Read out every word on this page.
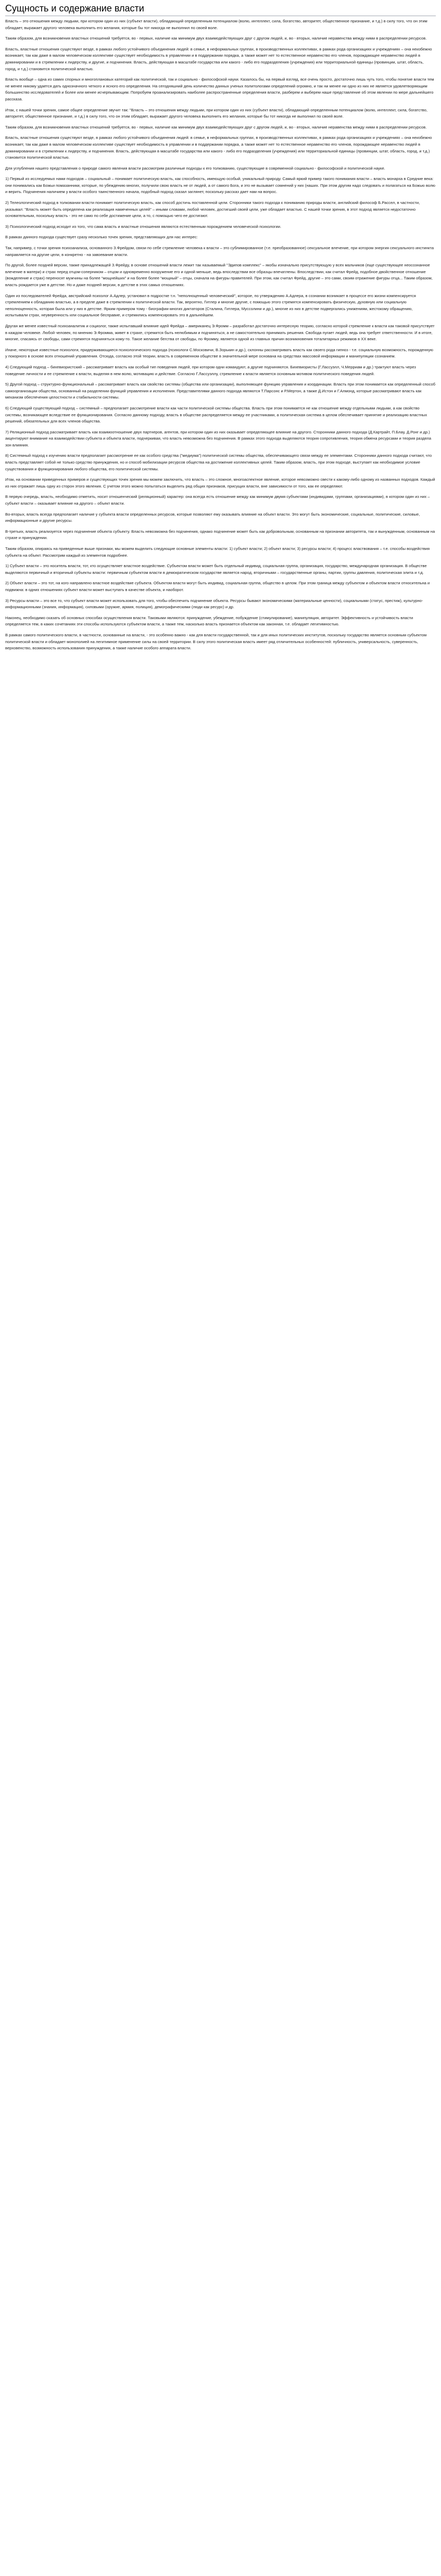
Сущность и содержание власти

Власть – это отношения между людьми, при котором один из них (субъект власти), обладающий определенным потенциалом (волю, интеллект, сила, богатство, авторитет, общественное признание, и т.д.) в силу того, что он этим обладает, выражает другого человека выполнить его желания, которые бы тот никогда не выполнил по своей воле.

Таким образом, для возникновения властных отношений требуется, во - первых, наличие как минимум двух взаимодействующих друг с другом людей, и, во - вторых, наличие неравенства между ними в распределении ресурсов.

Власть, властные отношения существуют везде, в рамках любого устойчивого объединения людей: в семье, в неформальных группах, в производственных коллективах, в рамках рода организациях и учреждениях – она неизбежно возникает, так как даже в малом человеческом коллективе существует необходимость в управлении и в поддержании порядка, а также может нет то естественное неравенство его членов, порождающее неравенство людей в доминировании и в стремлении к лидерству, и другие, и подчинения. Власть, действующая в масштабе государства или какого - либо его подразделения (учреждения) или территориальной единицы (провинции, штат, область, город, и т.д.) становится политической властью.

Власть вообще – одна из самих спорных и многоплановых категорий как политической, так и социально - философской науки. Казалось бы, на первый взгляд, все очень просто, достаточно лишь чуть того, чтобы понятие власти тем не менее никому удается дать однозначного четкого и ясного его определения. На сегодняшний день количество данных ученых политологами определений огромно, и так ни менее ни одно из них не является удовлетворяющим большинство исследователей и более или менее исчерпывающим. Попробуем проанализировать наиболее распространенные определения власти, разберем и выберем наше представление об этом явлении по мере дальнейшего рассказа.

Итак, с нашей точки зрения, самое общее определение звучит так: "Власть – это отношения между людьми, при котором один из них (субъект власти), обладающий определенным потенциалом (волю, интеллект, сила, богатство, авторитет, общественное признание, и т.д.) в силу того, что он этим обладает, выражает другого человека выполнить его желания, которые бы тот никогда не выполнил по своей воле.

Таким образом, для возникновения властных отношений требуется, во - первых, наличие как минимум двух взаимодействующих друг с другом людей, и, во - вторых, наличие неравенства между ними в распределении ресурсов.

Власть, властные отношения существуют везде, в рамках любого устойчивого объединения людей: в семье, в неформальных группах, в производственных коллективах, в рамках рода организациях и учреждениях – она неизбежно возникает, так как даже в малом человеческом коллективе существует необходимость в управлении и в поддержании порядка, а также может нет то естественное неравенство его членов, порождающее неравенство людей в доминировании и в стремлении к лидерству, и подчинения. Власть, действующая в масштабе государства или какого - либо его подразделения (учреждения) или территориальной единицы (провинции, штат, область, город, и т.д.) становится политической властью.

Для углубления нашего представления о природе самого явления власти рассмотрим различные подходы к его толкованию, существующие в современной социально - философской и политической науке.

1) Первый из исследуемых нами подходов – социальный – понимает политическую власть, как способность, имеющую особый, уникальный природу. Самый яркий пример такого понимания власти – власть монарха в Средние века: они понимались как Божьи помазанники, которые, по убеждению многих, получили свою власть не от людей, а от самого Бога, и это не вызывает сомнений у них (наших. При этом другим надо следовать и полагаться на Божью волю и верить. Подчинения наличием у власти особого таинственного начала, подобный подход сказал заглянет, поскольку рассказ дает нам на вопрос.

2) Телеологический подход в толковании власти понимает политическую власть, как способ достичь поставленной цели. Сторонники такого подхода к пониманию природы власти, английский философ Б.Рассел, в частности, указывал: "Власть может быть определена как реализация намеченных целей" – иными словами, любой человек, достигший своей цели, уже обладает властью. С нашей точки зрения, в этот подход является недостаточно основательным, поскольку власть - это не само по себе достижение цели, а то, с помощью чего ее достигают.

3) Психологический подход исходит из того, что сама власть и властные отношения являются естественным порождением человеческой психологии.

В рамках данного подхода существует сразу несколько точек зрения, представляющих для нас интерес:

Так, например, с точки зрения психоанализа, основанного З.Фрейдом, связи по себе стремление человека к власти – это сублимированное (т.е. преобразованное) сексуальное влечение, при котором энергия сексуального инстинкта направляется на другие цели, в конкретно - на завоевание власти.

По другой, более поздней версии, также принадлежащей З.Фрейду, в основе отношений власти лежит так называемый "Эдипов комплекс" – якобы изначально присутствующую у всех мальчиков (еще существующее неосознанное влечение в матери) и страх перед отцом-соперником – отцом и одновременно вооружение его и одной меньше, ведь впоследствии все образцы впечатлены. Впоследствии, как считал Фрейд, подобное двойственное отношение (вожделение и страх) переносят мужчины на более “мощнейших” и на более более “мощный” – отцы, сначала на фигуры правителей. При этом, как считал Фрейд, другие – это сами, своим отражение фигуры отца... Таким образом, власть рождается уже в детстве. Но и даже поздней версии, в детстве в этих самых отношениях.

Один из последователей Фрейда, австрийский психолог А.Адлер, установил в подростке т.н. "неполноценный человеческий", которое, по утверждению А.Адлера, в сознании возникает в процессе его жизни компенсируется стремлением к обладанию властью, а в пределе даже в стремлении к политической власти. Так, вероятно, Гитлер и многие другие, с помощью этого стремятся компенсировать физическую, духовную или социальную неполноценность, которая была или у них в детстве. Ярким примером тому - биографии многих диктаторов (Сталина, Гитлера, Муссолини и др.), многие из них в детстве подвергались унижениям, жестокому обращению, испытывали страх, неуверенность или социальное бесправие, и стремились компенсировать это в дальнейшем.

Другая же менее известный психоаналитик и социолог, также испытавший влияние идей Фрейда – американец Э.Фромм – разработал достаточно интересную теорию, согласно которой стремление к власти как таковой присутствует в каждом человеке. Любой человек, по мнению Э.Фромма, живет в страхе, стремится быть нелюбимым и подчиняться, а не самостоятельно принимать решения. Свобода пугает людей, ведь она требует ответственности. И в итоге, многие, спасаясь от свободы, сами стремятся подчиняться кому-то. Такое желание бегства от свободы, по Фромму, является одной из главных причин возникновения тоталитарных режимов в XX веке.

Иначе, некоторые известные психологи, придерживающиеся психологического подхода (психологи С.Московичи, В.Зорькин и др.), склонны рассматривать власть как своего рода гипноз - т.е. социальную возможность, порожденную у покорного в основе всех отношений управления. Отсюда, согласно этой теории, власть в современном обществе в значительной мере основана на средствах массовой информации и манипуляции сознанием.

4) Следующий подход – бихевиористский – рассматривает власть как особый тип поведения людей, при котором одни командуют, а другие подчиняются. Бихевиористы (Г.Лассуэлл, Ч.Мерриам и др.) трактуют власть через поведение личности и ее стремление к власти, выделяя в нем волю, мотивацию и действие. Согласно Г.Лассуэллу, стремление к власти является основным мотивом политического поведения людей.

5) Другой подход – структурно-функциональный – рассматривает власть как свойство системы (общества или организации), выполняющее функцию управления и координации. Власть при этом понимается как определенный способ самоорганизации общества, основанный на разделении функций управления и исполнения. Представителями данного подхода являются Т.Парсонс и Р.Мертон, а также Д.Истон и Г.Алмонд, которые рассматривают власть как механизм обеспечения целостности и стабильности системы.

6) Следующий существующий подход – системный – предполагает рассмотрение власти как части политической системы общества. Власть при этом понимается не как отношение между отдельными людьми, а как свойство системы, возникающее вследствие ее функционирования. Согласно данному подходу, власть в обществе распределяется между ее участниками, а политическая система в целом обеспечивает принятие и реализацию властных решений, обязательных для всех членов общества.

7) Реляционный подход рассматривает власть как взаимоотношение двух партнеров, агентов, при котором один из них оказывает определяющее влияние на другого. Сторонники данного подхода (Д.Картрайт, П.Блау, Д.Ронг и др.) акцентируют внимание на взаимодействии субъекта и объекта власти, подчеркивая, что власть невозможна без подчинения. В рамках этого подхода выделяются теория сопротивления, теория обмена ресурсами и теория раздела зон влияния.

8) Системный подход к изучению власти предполагает рассмотрение ее как особого средства ("медиума") политической системы общества, обеспечивающего связи между ее элементами. Сторонники данного подхода считают, что власть представляет собой не только средство принуждения, но и способ мобилизации ресурсов общества на достижение коллективных целей. Таким образом, власть, при этом подходе, выступает как необходимое условие существования и функционирования любого общества, его политической системы.

Итак, на основании приведенных примеров и существующих точек зрения мы можем заключить, что власть – это сложное, многоаспектное явление, которое невозможно свести к какому-либо одному из названных подходов. Каждый из них отражает лишь одну из сторон этого явления. С учетом этого можно попытаться выделить ряд общих признаков, присущих власти, вне зависимости от того, как ее определяют.

В первую очередь, власть, необходимо отметить, носит отношенческий (реляционный) характер: она всегда есть отношение между как минимум двумя субъектами (индивидами, группами, организациями), в котором один из них – субъект власти – оказывает влияние на другого – объект власти.

Во-вторых, власть всегда предполагает наличие у субъекта власти определенных ресурсов, которые позволяют ему оказывать влияние на объект власти. Это могут быть экономические, социальные, политические, силовые, информационные и другие ресурсы.

В-третьих, власть реализуется через подчинение объекта субъекту. Власть невозможна без подчинения, однако подчинение может быть как добровольным, основанным на признании авторитета, так и вынужденным, основанным на страхе и принуждении.

Таким образом, опираясь на приведенные выше признаки, мы можем выделить следующие основные элементы власти: 1) субъект власти; 2) объект власти; 3) ресурсы власти; 4) процесс властвования – т.е. способы воздействия субъекта на объект. Рассмотрим каждый из элементов подробнее.

1) Субъект власти – это носитель власти, тот, кто осуществляет властное воздействие. Субъектом власти может быть отдельный индивид, социальная группа, организация, государство, международная организация. В обществе выделяются первичный и вторичный субъекты власти: первичным субъектом власти в демократическом государстве является народ, вторичными – государственные органы, партии, группы давления, политическая элита и т.д.

2) Объект власти – это тот, на кого направлено властное воздействие субъекта. Объектом власти могут быть индивид, социальная группа, общество в целом. При этом граница между субъектом и объектом власти относительна и подвижна: в одних отношениях субъект власти может выступать в качестве объекта, и наоборот.

3) Ресурсы власти – это все то, что субъект власти может использовать для того, чтобы обеспечить подчинение объекта. Ресурсы бывают экономическими (материальные ценности), социальными (статус, престиж), культурно-информационными (знания, информация), силовыми (оружие, армия, полиция), демографическими (люди как ресурс) и др.

Наконец, необходимо сказать об основных способах осуществления власти. Таковыми являются: принуждение, убеждение, побуждение (стимулирование), манипуляция, авторитет. Эффективность и устойчивость власти определяется тем, в каких сочетаниях эти способы используются субъектом власти, а также тем, насколько власть признается объектом как законная, т.е. обладает легитимностью.

В рамках самого политического власти, в частности, основанные на власти, - это особенно важно - как для власти государственной, так и для иных политических институтов, поскольку государство является основным субъектом политической власти и обладает монополией на легитимное применение силы на своей территории. В силу этого политическая власть имеет ряд отличительных особенностей: публичность, универсальность, суверенность, верховенство, возможность использования принуждения, а также наличие особого аппарата власти.
